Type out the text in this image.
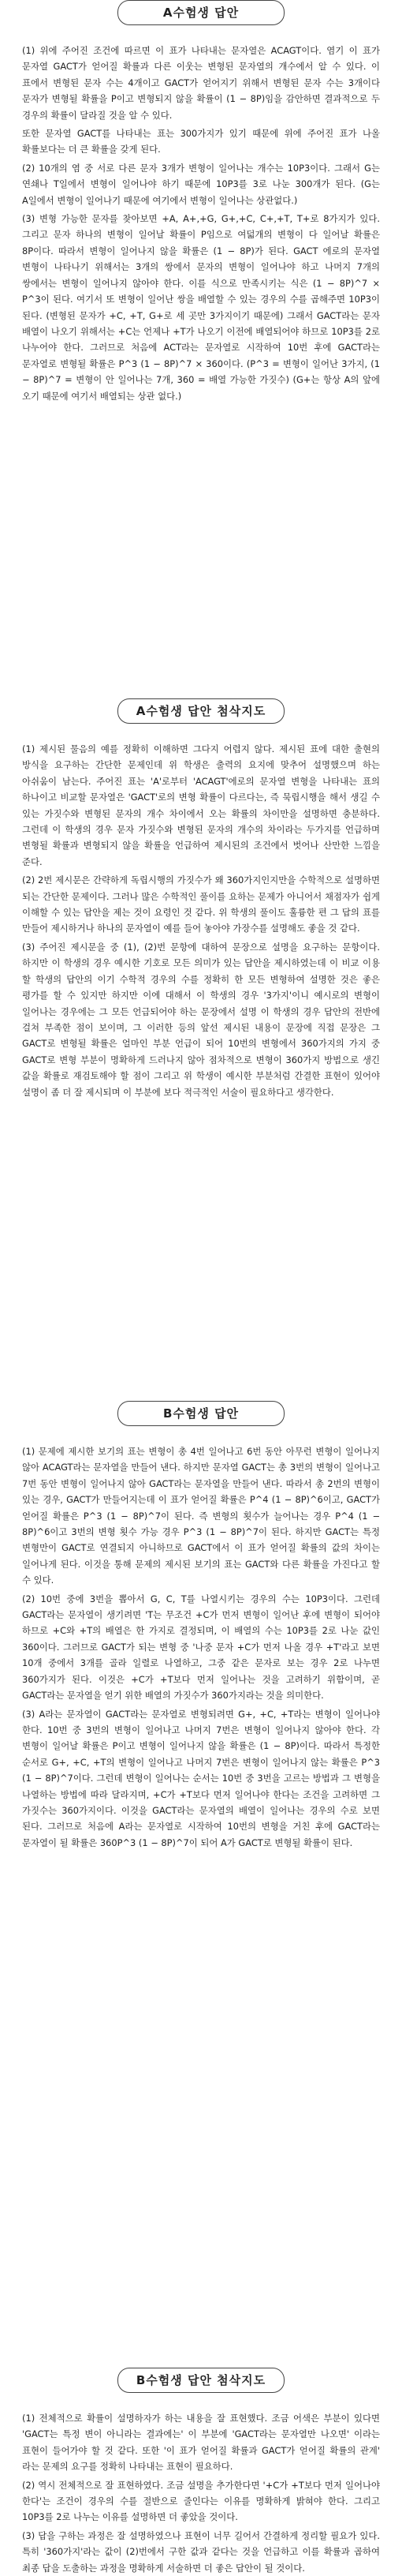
A수험생 답안

(1) 위에 주어진 조건에 따르면 이 표가 나타내는 문자열은 ACAGT이다. 염기 이 표가 문자열 GACT가 얻어질 확률과 다른 이웃는 변형된 문자열의 개수에서 알 수 있다. 이 표에서 변형된 문자 수는 4개이고 GACT가 얻어지기 위해서 변형된 문자 수는 3개이다 문자가 변형될 확률을 P이고 변형되지 않을 확률이 (1 − 8P)임을 감안하면 결과적으로 두 경우의 확률이 달라질 것을 알 수 있다.

또한 문자열 GACT를 나타내는 표는 300가지가 있기 때문에 위에 주어진 표가 나올 확률보다는 더 큰 확률을 갖게 된다.

(2) 10개의 염 중 서로 다른 문자 3개가 변형이 일어나는 개수는 10P3이다. 그래서 G는 연쇄나 T일에서 변형이 일어나야 하기 때문에 10P3를 3로 나눈 300개가 된다. (G는 A일에서 변형이 일어나기 때문에 여기에서 변형이 일어나는 상관없다.)

(3) 변형 가능한 문자를 찾아보면 +A, A+,+G, G+,+C, C+,+T, T+로 8가지가 있다. 그리고 문자 하나의 변형이 일어날 확률이 P임으로 여덟개의 변형이 다 일어날 확률은 8P이다. 따라서 변형이 일어나지 않을 확률은 (1 − 8P)가 된다. GACT 에로의 문자열 변형이 나타나기 위해서는 3개의 쌍에서 문자의 변형이 일어나야 하고 나머지 7개의 쌍에서는 변형이 일어나지 않아야 한다. 이를 식으로 만족시키는 식은 (1 − 8P)^7 × P^3이 된다. 여기서 또 변형이 일어난 쌍을 배열할 수 있는 경우의 수를 곱해주면 10P3이 된다. (변형된 문자가 +C, +T, G+로 세 곳만 3가지이기 때문에) 그래서 GACT라는 문자 배열이 나오기 위해서는 +C는 언제나 +T가 나오기 이전에 배열되어야 하므로 10P3를 2로 나누어야 한다. 그러므로 처음에 ACT라는 문자열로 시작하여 10번 후에 GACT라는 문자열로 변형될 확률은 P^3 (1 − 8P)^7 × 360이다. (P^3 = 변형이 일어난 3가지, (1 − 8P)^7 = 변형이 안 일어나는 7개, 360 = 배열 가능한 가짓수) (G+는 항상 A의 앞에 오기 때문에 여기서 배열되는 상관 없다.)

A수험생 답안 첨삭지도

(1) 제시된 물음의 예를 정확히 이해하면 그다지 어렵지 않다. 제시된 표에 대한 출현의 방식을 요구하는 간단한 문제인데 위 학생은 출력의 요지에 맞추어 설명했으며 하는 아쉬움이 남는다. 주어진 표는 'A'로부터 'ACAGT'에로의 문자열 변형을 나타내는 표의 하나이고 비교할 문자열은 'GACT'로의 변형 확률이 다르다는, 즉 묵립시행을 해서 생길 수 있는 가짓수와 변형된 문자의 개수 차이에서 오는 확률의 차이만을 설명하면 충분하다. 그런데 이 학생의 경우 문자 가짓수와 변형된 문자의 개수의 차이라는 두가지를 언급하며 변형될 확률과 변형되지 않을 확률을 언급하여 제시된의 조건에서 벗어나 산만한 느낌을 준다.

(2) 2번 제시문은 간략하게 독립시행의 가짓수가 왜 360가지인지만을 수학적으로 설명하면 되는 간단한 문제이다. 그러나 많은 수학적인 풀이를 요하는 문제가 아니어서 채점자가 쉽게 이해할 수 있는 답안을 제는 것이 요령인 것 같다. 위 학생의 풀이도 훌륭한 편 그 답의 표를 만들어 제시하거나 하나의 문자열이 예를 들어 놓아야 가장수를 설명해도 좋을 것 같다.

(3) 주어진 제시문을 중 (1), (2)번 문항에 대하여 문장으로 설명을 요구하는 문항이다. 하지만 이 학생의 경우 예시한 기호로 모든 의미가 있는 답안을 제시하였는데 이 비교 이용 할 학생의 답안의 이기 수학적 경우의 수를 정확히 한 모든 변형하여 설명한 것은 좋은 평가를 할 수 있지만 하지만 이에 대해서 이 학생의 경우 '3가지'이니 예시로의 변형이 일어나는 경우에는 그 모든 언급되어야 하는 문장에서 설명 이 학생의 경우 답안의 전반에 걸쳐 부족한 점이 보이며, 그 이러한 등의 앞선 제시된 내용이 문장에 직접 문장은 그 GACT로 변형될 확률은 얼마인 부분 언급이 되어 10번의 변형에서 360가지의 가지 중 GACT로 변형 부분이 명확하게 드러나지 않아 점차적으로 변형이 360가지 방법으로 생긴 값을 확률로 재검토해야 할 점이 그리고 위 학생이 예시한 부분처럼 간결한 표현이 있어야 설명이 좀 더 잘 제시되며 이 부분에 보다 적극적인 서술이 필요하다고 생각한다.

B수험생 답안

(1) 문제에 제시한 보기의 표는 변형이 총 4번 일어나고 6번 동안 아무런 변형이 일어나지 않아 ACAGT라는 문자열을 만들어 낸다. 하지만 문자열 GACT는 총 3번의 변형이 일어나고 7번 동안 변형이 일어나지 않아 GACT라는 문자열을 만들어 낸다. 따라서 총 2번의 변형이 있는 경우, GACT가 만들어지는데 이 표가 얻어질 확률은 P^4 (1 − 8P)^6이고, GACT가 얻어질 확률은 P^3 (1 − 8P)^7이 된다. 즉 변형의 횟수가 늘어나는 경우 P^4 (1 − 8P)^6이고 3번의 변형 횟수 가능 경우 P^3 (1 − 8P)^7이 된다. 하지만 GACT는 특정 변형만이 GACT로 연결되지 아니하므로 GACT에서 이 표가 얻어질 확률의 값의 차이는 일어나게 된다. 이것을 통해 문제의 제시된 보기의 표는 GACT와 다른 확률을 가진다고 할 수 있다.

(2) 10번 중에 3번을 뽑아서 G, C, T를 나열시키는 경우의 수는 10P3이다. 그런데 GACT라는 문자열이 생기려면 'T는 무조건 +C가 먼저 변형이 일어난 후에 변형이 되어야 하므로 +C와 +T의 배열은 한 가지로 결정되며, 이 배열의 수는 10P3를 2로 나눈 값인 360이다. 그러므로 GACT가 되는 변형 중 '나중 문자 +C가 먼저 나올 경우 +T'라고 보면 10개 중에서 3개를 골라 일렬로 나열하고, 그중 같은 문자로 보는 경우 2로 나누면 360가지가 된다. 이것은 +C가 +T보다 먼저 일어나는 것을 고려하기 위함이며, 곧 GACT라는 문자열을 얻기 위한 배열의 가짓수가 360가지라는 것을 의미한다.

(3) A라는 문자열이 GACT라는 문자열로 변형되려면 G+, +C, +T라는 변형이 일어나야 한다. 10번 중 3번의 변형이 일어나고 나머지 7번은 변형이 일어나지 않아야 한다. 각 변형이 일어날 확률은 P이고 변형이 일어나지 않을 확률은 (1 − 8P)이다. 따라서 특정한 순서로 G+, +C, +T의 변형이 일어나고 나머지 7번은 변형이 일어나지 않는 확률은 P^3 (1 − 8P)^7이다. 그런데 변형이 일어나는 순서는 10번 중 3번을 고르는 방법과 그 변형을 나열하는 방법에 따라 달라지며, +C가 +T보다 먼저 일어나야 한다는 조건을 고려하면 그 가짓수는 360가지이다. 이것을 GACT라는 문자열의 배열이 일어나는 경우의 수로 보면 된다. 그러므로 처음에 A라는 문자열로 시작하여 10번의 변형을 거친 후에 GACT라는 문자열이 될 확률은 360P^3 (1 − 8P)^7이 되어 A가 GACT로 변형될 확률이 된다.

B수험생 답안 첨삭지도

(1) 전체적으로 확률이 설명하자가 하는 내용을 잘 표현했다. 조금 어색은 부분이 있다면 'GACT는 특정 변이 아니라는 결과에는' 이 부분에 'GACT라는 문자열만 나오면' 이라는 표현이 들어가야 할 것 같다. 또한 '이 표가 얻어질 확률과 GACT가 얻어질 확률의 관계' 라는 문제의 요구를 정확히 나타내는 표현이 필요하다.

(2) 역시 전체적으로 잘 표현하였다. 조금 설명을 추가한다면 '+C가 +T보다 먼저 일어나야 한다'는 조건이 경우의 수를 절반으로 줄인다는 이유를 명확하게 밝혀야 한다. 그리고 10P3를 2로 나누는 이유를 설명하면 더 좋았을 것이다.

(3) 답을 구하는 과정은 잘 설명하였으나 표현이 너무 길어서 간결하게 정리할 필요가 있다. 특히 '360가지'라는 값이 (2)번에서 구한 값과 같다는 것을 언급하고 이를 확률과 곱하여 최종 답을 도출하는 과정을 명확하게 서술하면 더 좋은 답안이 될 것이다.
